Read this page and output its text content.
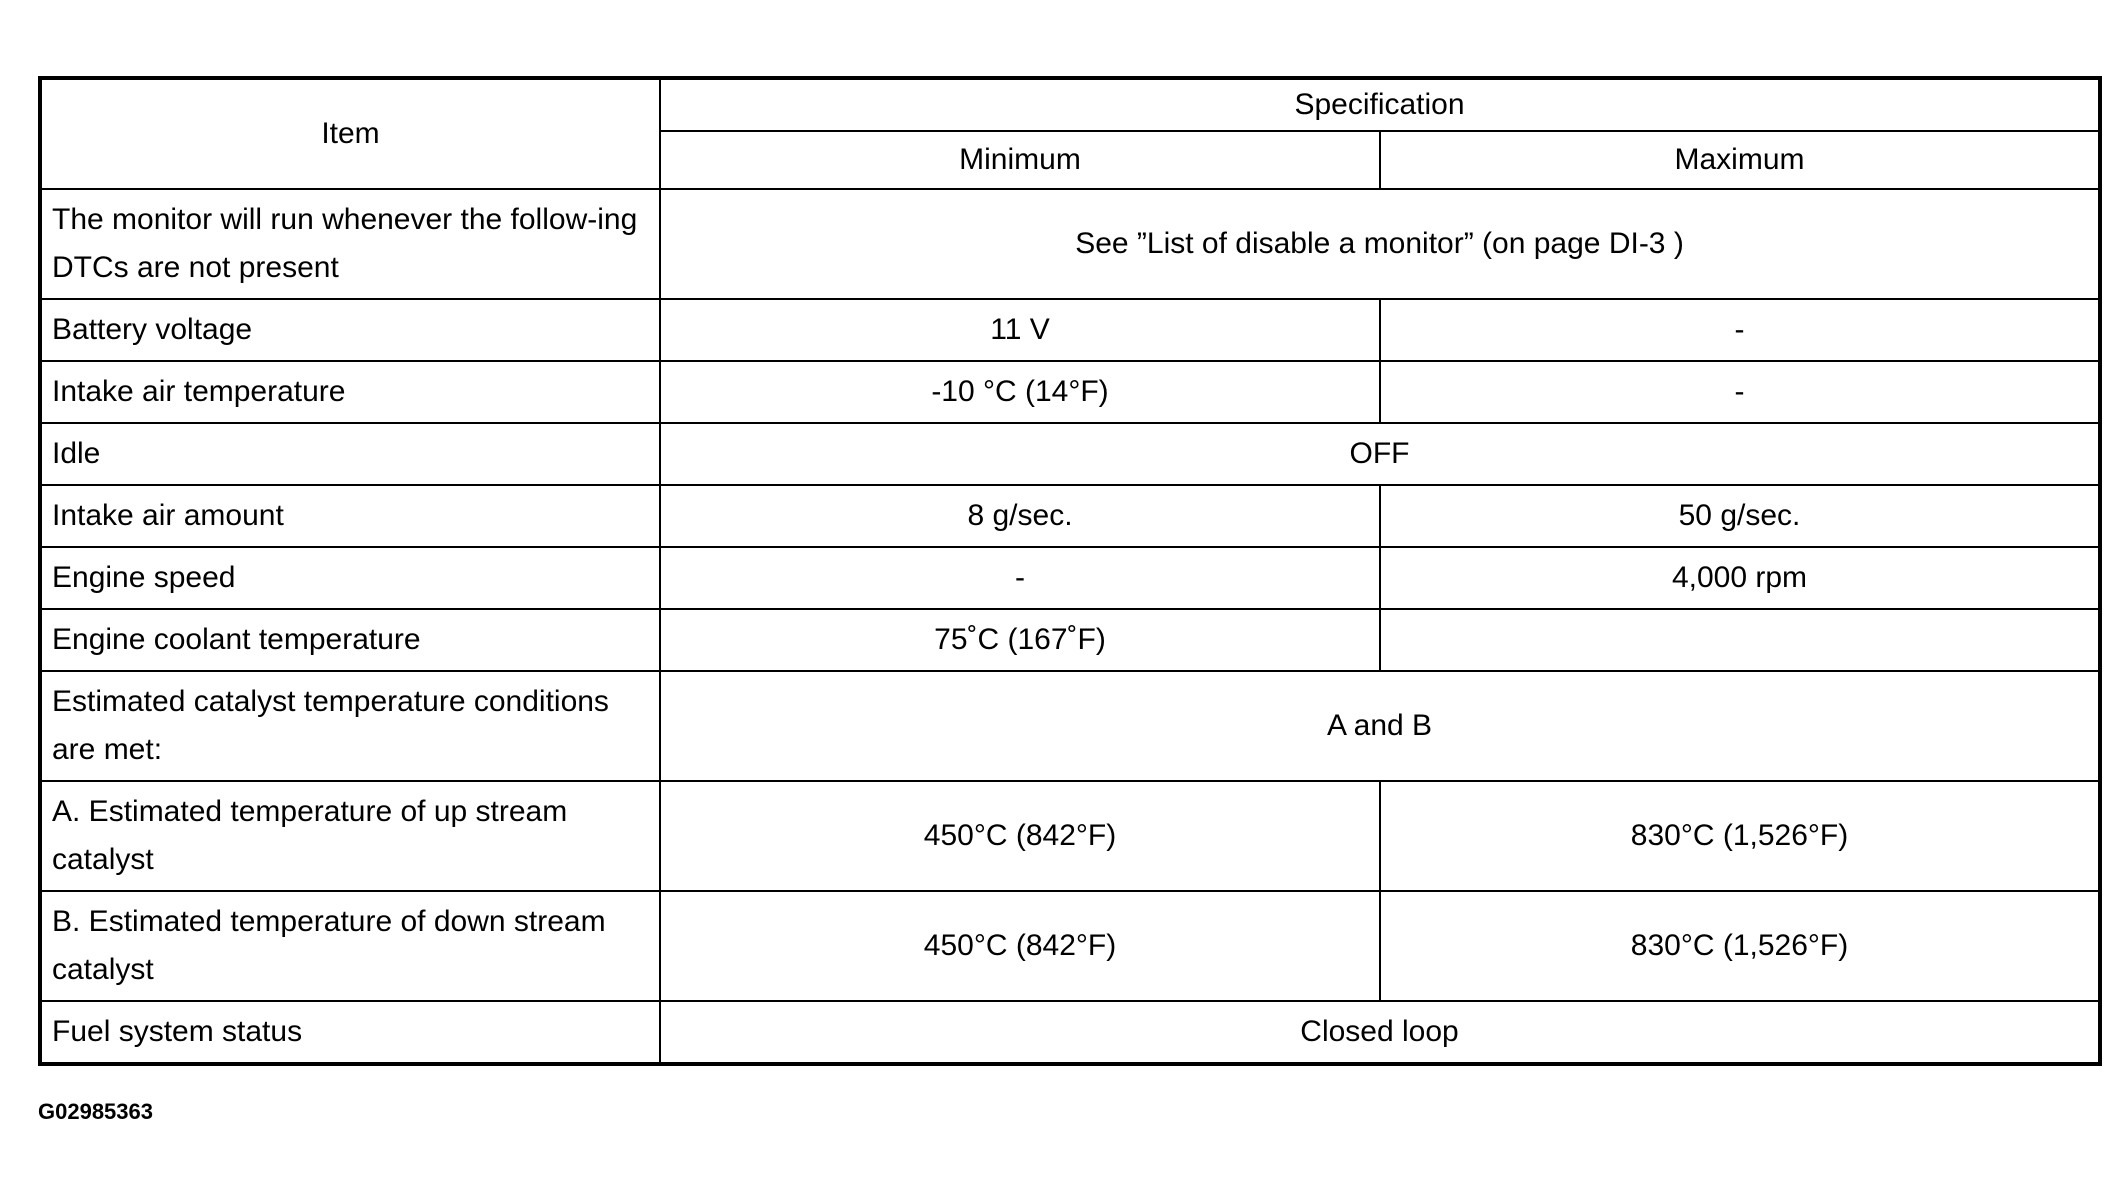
Item	Specification	
	Minimum	Maximum
The monitor will run whenever the follow-ing DTCs are not present	See ”List of disable a monitor” (on page DI-3 )	
Battery voltage	11 V	-
Intake air temperature	-10 °C (14°F)	-
Idle	OFF	
Intake air amount	8 g/sec.	50 g/sec.
Engine speed	-	4,000 rpm
Engine coolant temperature	75˚C (167˚F)	
Estimated catalyst temperature conditions are met:	A and B	
A. Estimated temperature of up stream catalyst	450°C (842°F)	830°C (1,526°F)
B. Estimated temperature of down stream catalyst	450°C (842°F)	830°C (1,526°F)
Fuel system status	Closed loop	
G02985363
